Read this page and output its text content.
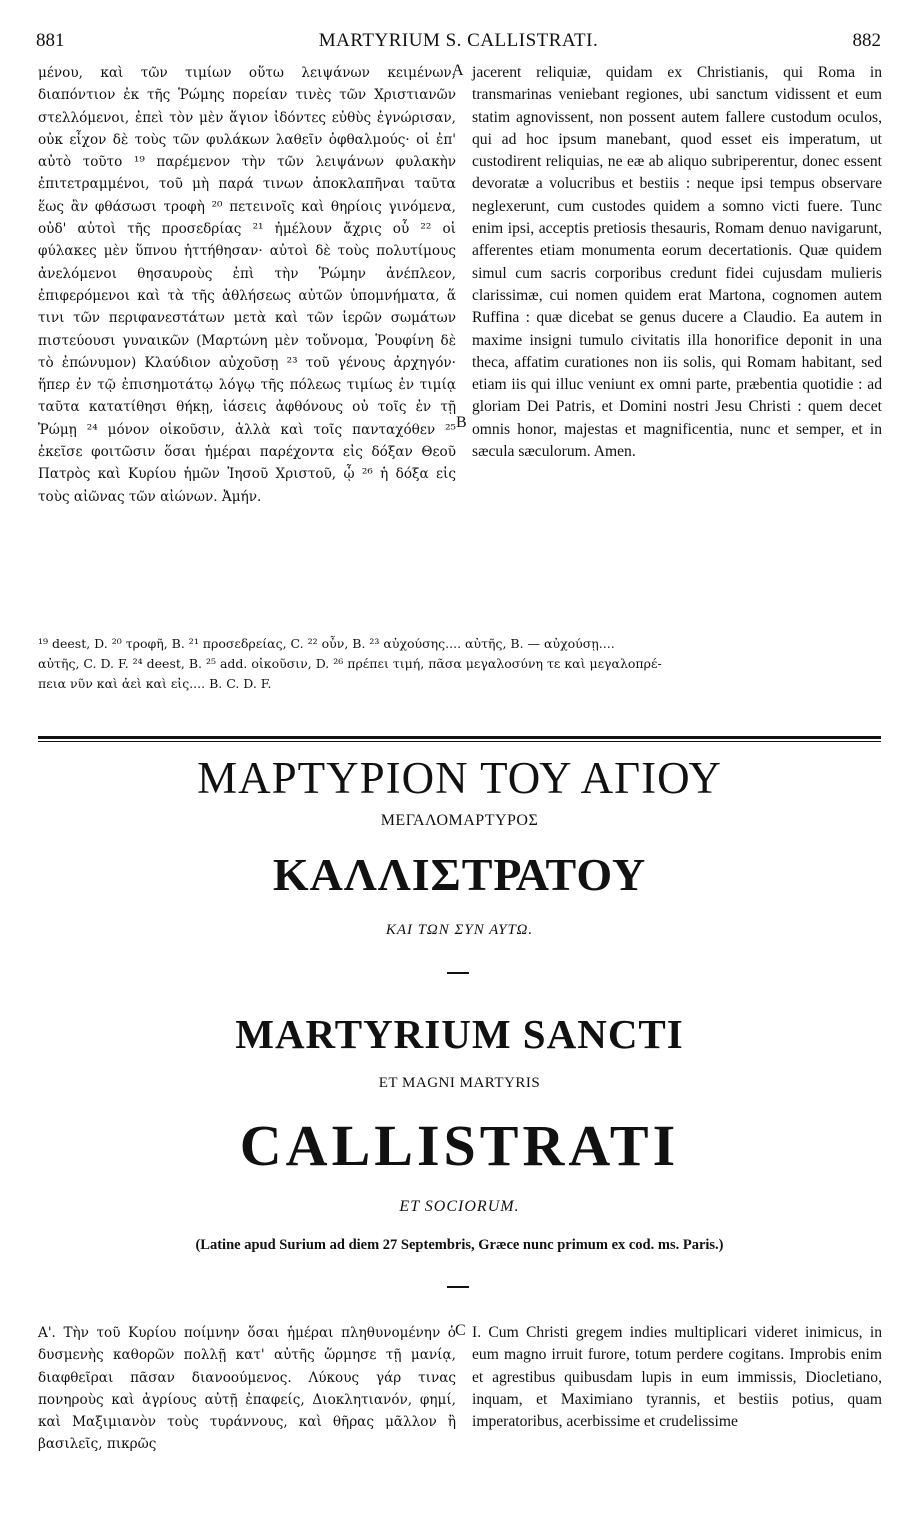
881	MARTYRIUM S. CALLISTRATI.	882

μένου, καὶ τῶν τιμίων οὕτω λειψάνων κειμένων, διαπόντιον ἐκ τῆς Ῥώμης πορείαν τινὲς τῶν Χριστιανῶν στελλόμενοι, ἐπεὶ τὸν μὲν ἅγιον ἰδόντες εὐθὺς ἐγνώρισαν, οὐκ εἶχον δὲ τοὺς τῶν φυλάκων λαθεῖν ὀφθαλμούς· οἱ ἐπ' αὐτὸ τοῦτο ¹⁹ παρέμενον τὴν τῶν λειψάνων φυλακὴν ἐπιτετραμμένοι, τοῦ μὴ παρά τινων ἀποκλαπῆναι ταῦτα ἕως ἂν φθάσωσι τροφὴ ²⁰ πετεινοῖς καὶ θηρίοις γινόμενα, οὐδ' αὐτοὶ τῆς προσεδρίας ²¹ ἠμέλουν ἄχρις οὗ ²² οἱ φύλακες μὲν ὕπνου ἡττήθησαν· αὐτοὶ δὲ τοὺς πολυτίμους ἀνελόμενοι θησαυροὺς ἐπὶ τὴν Ῥώμην ἀνέπλεον, ἐπιφερόμενοι καὶ τὰ τῆς ἀθλήσεως αὐτῶν ὑπομνήματα, ἅ τινι τῶν περιφανεστάτων μετὰ καὶ τῶν ἱερῶν σωμάτων πιστεύουσι γυναικῶν (Μαρτώνη μὲν τοὔνομα, Ῥουφίνη δὲ τὸ ἐπώνυμον) Κλαύδιον αὐχοῦσῃ ²³ τοῦ γένους ἀρχηγόν· ἥπερ ἐν τῷ ἐπισημοτάτῳ λόγῳ τῆς πόλεως τιμίως ἐν τιμίᾳ ταῦτα κατατίθησι θήκῃ, ἰάσεις ἀφθόνους οὐ τοῖς ἐν τῇ Ῥώμῃ ²⁴ μόνον οἰκοῦσιν, ἀλλὰ καὶ τοῖς πανταχόθεν ²⁵ ἐκεῖσε φοιτῶσιν ὅσαι ἡμέραι παρέχοντα εἰς δόξαν Θεοῦ Πατρὸς καὶ Κυρίου ἡμῶν Ἰησοῦ Χριστοῦ, ᾧ ²⁶ ἡ δόξα εἰς τοὺς αἰῶνας τῶν αἰώνων. Ἀμήν.

A
B

jacerent reliquiæ, quidam ex Christianis, qui Roma in transmarinas veniebant regiones, ubi sanctum vidissent et eum statim agnovissent, non possent autem fallere custodum oculos, qui ad hoc ipsum manebant, quod esset eis imperatum, ut custodirent reliquias, ne eæ ab aliquo subriperentur, donec essent devoratæ a volucribus et bestiis : neque ipsi tempus observare neglexerunt, cum custodes quidem a somno victi fuere. Tunc enim ipsi, acceptis pretiosis thesauris, Romam denuo navigarunt, afferentes etiam monumenta eorum decertationis. Quæ quidem simul cum sacris corporibus credunt fidei cujusdam mulieris clarissimæ, cui nomen quidem erat Martona, cognomen autem Ruffina : quæ dicebat se genus ducere a Claudio. Ea autem in maxime insigni tumulo civitatis illa honorifice deponit in una theca, affatim curationes non iis solis, qui Romam habitant, sed etiam iis qui illuc veniunt ex omni parte, præbentia quotidie : ad gloriam Dei Patris, et Domini nostri Jesu Christi : quem decet omnis honor, majestas et magnificentia, nunc et semper, et in sæcula sæculorum. Amen.

¹⁹ deest, D. ²⁰ τροφῆ, B. ²¹ προσεδρείας, C. ²² οὖν, B. ²³ αὐχούσης.... αὐτῆς, B. — αὐχούσῃ....
αὐτῆς, C. D. F. ²⁴ deest, B. ²⁵ add. οἰκοῦσιν, D. ²⁶ πρέπει τιμή, πᾶσα μεγαλοσύνη τε καὶ μεγαλοπρέ-
πεια νῦν καὶ ἀεὶ καὶ εἰς.... B. C. D. F.
ΜΑΡΤΥΡΙΟΝ ΤΟΥ ΑΓΙΟΥ
ΜΕΓΑΛΟΜΑΡΤΥΡΟΣ
ΚΑΛΛΙΣΤΡΑΤΟΥ
ΚΑΙ ΤΩΝ ΣΥΝ ΑΥΤΩ.
MARTYRIUM SANCTI
ET MAGNI MARTYRIS
CALLISTRATI
ET SOCIORUM.
(Latine apud Surium ad diem 27 Septembris, Græce nunc primum ex cod. ms. Paris.)

Α'. Τὴν τοῦ Κυρίου ποίμνην ὅσαι ἡμέραι πληθυνομένην ὁ δυσμενὴς καθορῶν πολλῇ κατ' αὐτῆς ὥρμησε τῇ μανίᾳ, διαφθεῖραι πᾶσαν διανοούμενος. Λύκους γάρ τινας πονηροὺς καὶ ἀγρίους αὐτῇ ἐπαφείς, Διοκλητιανόν, φημί, καὶ Μαξιμιανὸν τοὺς τυράννους, καὶ θῆρας μᾶλλον ἢ βασιλεῖς, πικρῶς

C I. Cum Christi gregem indies multiplicari videret inimicus, in eum magno irruit furore, totum perdere cogitans. Improbis enim et agrestibus quibusdam lupis in eum immissis, Diocletiano, inquam, et Maximiano tyrannis, et bestiis potius, quam imperatoribus, acerbissime et crudelissime
